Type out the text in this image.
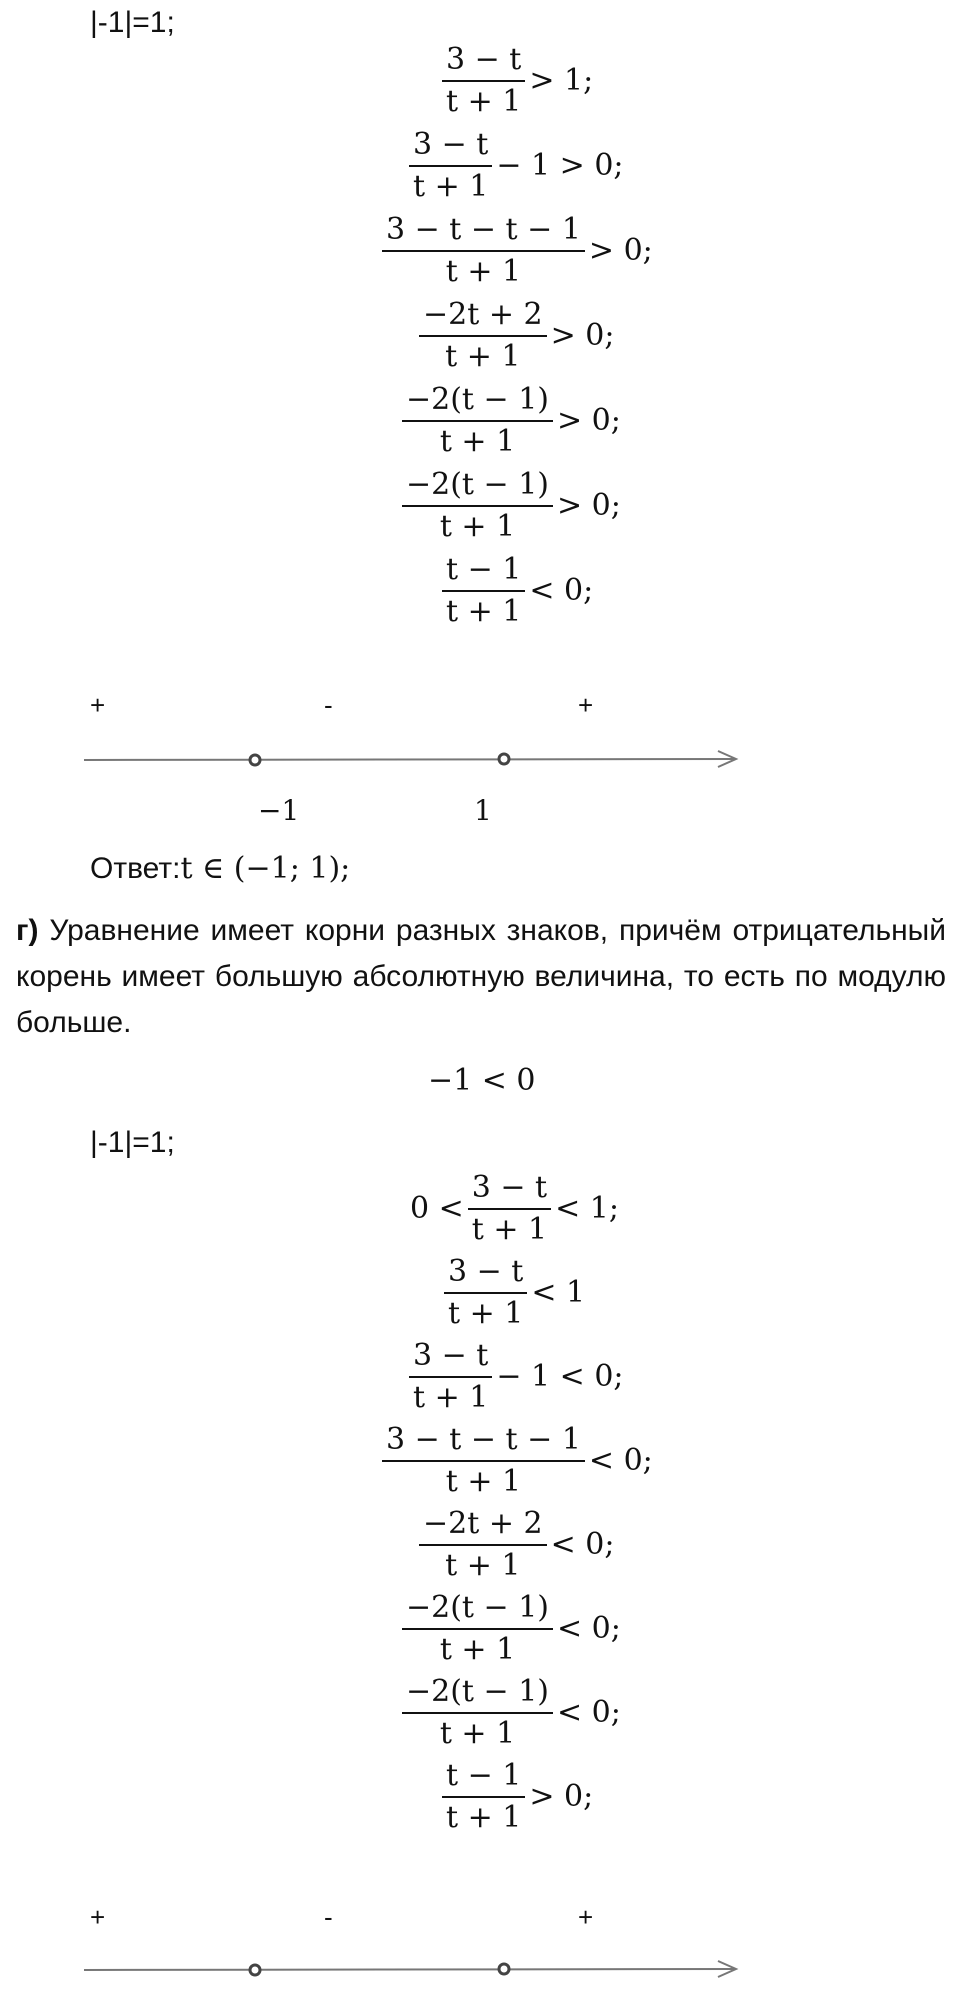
|-1|=1;
$\frac{3 - t}{t + 1} > 1$;
$\frac{3 - t}{t + 1} - 1 > 0$;
$\frac{3 - t - t - 1}{t + 1} > 0$;
$\frac{-2t + 2}{t + 1} > 0$;
$\frac{-2(t - 1)}{t + 1} > 0$;
$\frac{-2(t - 1)}{t + 1} > 0$;
$\frac{t - 1}{t + 1} < 0$;
+	-	+
−1	1
Ответ:t ∈ (−1; 1);
г) Уравнение имеет корни разных знаков, причём отрицательный корень имеет большую абсолютную величина, то есть по модулю больше.
−1 < 0
|-1|=1;
$0 < \frac{3 - t}{t + 1} < 1$;
$\frac{3 - t}{t + 1} < 1$
$\frac{3 - t}{t + 1} - 1 < 0$;
$\frac{3 - t - t - 1}{t + 1} < 0$;
$\frac{-2t + 2}{t + 1} < 0$;
$\frac{-2(t - 1)}{t + 1} < 0$;
$\frac{-2(t - 1)}{t + 1} < 0$;
$\frac{t - 1}{t + 1} > 0$;
+	-	+
